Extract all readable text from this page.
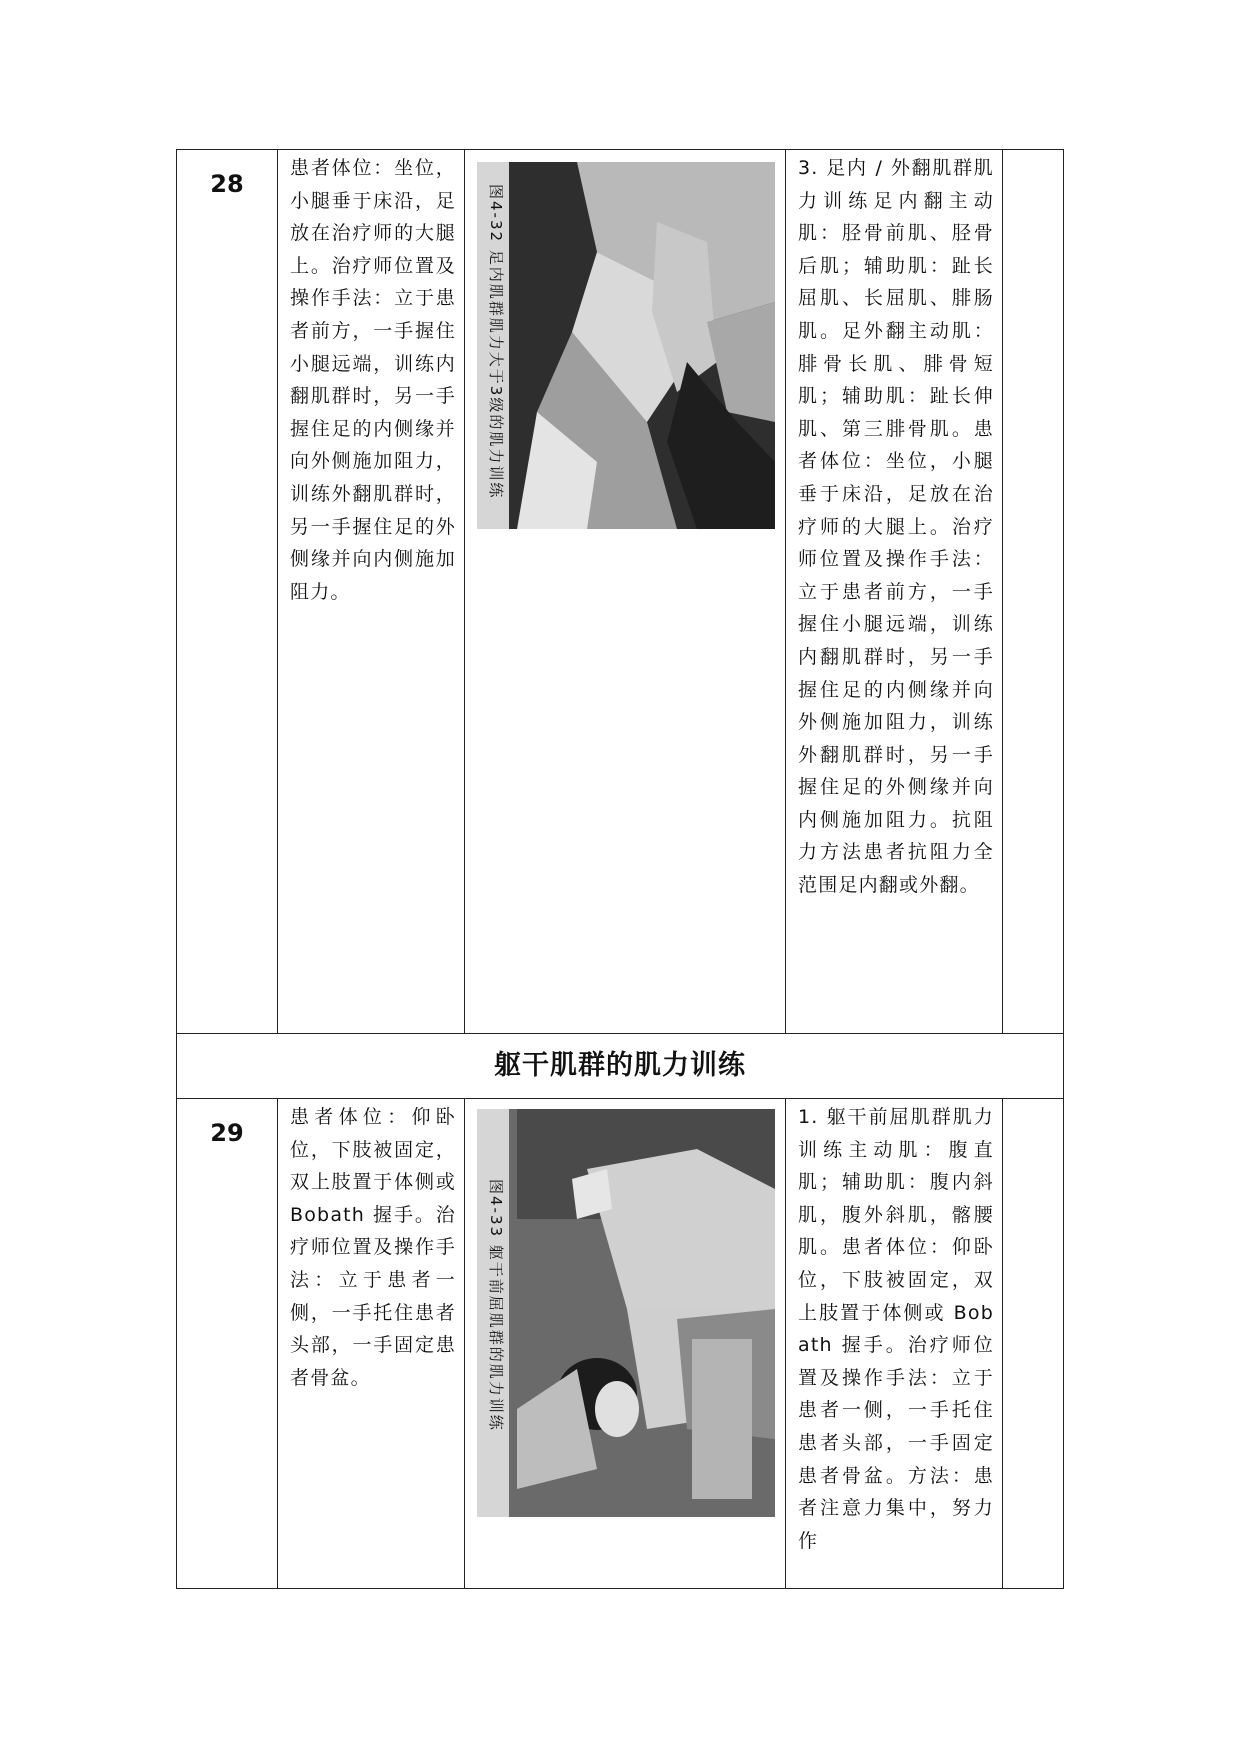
28	患者体位：坐位，小腿垂于床沿，足放在治疗师的大腿上。治疗师位置及操作手法：立于患者前方，一手握住小腿远端，训练内翻肌群时，另一手握住足的内侧缘并向外侧施加阻力，训练外翻肌群时，另一手握住足的外侧缘并向内侧施加阻力。	图4-32 足内肌群肌力大于3级的肌力训练	3. 足内 / 外翻肌群肌力训练足内翻主动肌：胫骨前肌、胫骨后肌；辅助肌：趾长屈肌、长屈肌、腓肠肌。足外翻主动肌：腓骨长肌、腓骨短肌；辅助肌：趾长伸肌、第三腓骨肌。患者体位：坐位，小腿垂于床沿，足放在治疗师的大腿上。治疗师位置及操作手法：立于患者前方，一手握住小腿远端，训练内翻肌群时，另一手握住足的内侧缘并向外侧施加阻力，训练外翻肌群时，另一手握住足的外侧缘并向内侧施加阻力。抗阻力方法患者抗阻力全范围足内翻或外翻。	

躯干肌群的肌力训练				

29	患者体位：仰卧位，下肢被固定，双上肢置于体侧或 Bobath 握手。治疗师位置及操作手法：立于患者一侧，一手托住患者头部，一手固定患者骨盆。	图4-33 躯干前屈肌群的肌力训练	1. 躯干前屈肌群肌力训练主动肌：腹直肌；辅助肌：腹内斜肌，腹外斜肌，髂腰肌。患者体位：仰卧位，下肢被固定，双上肢置于体侧或 Bobath 握手。治疗师位置及操作手法：立于患者一侧，一手托住患者头部，一手固定患者骨盆。方法：患者注意力集中，努力作	
